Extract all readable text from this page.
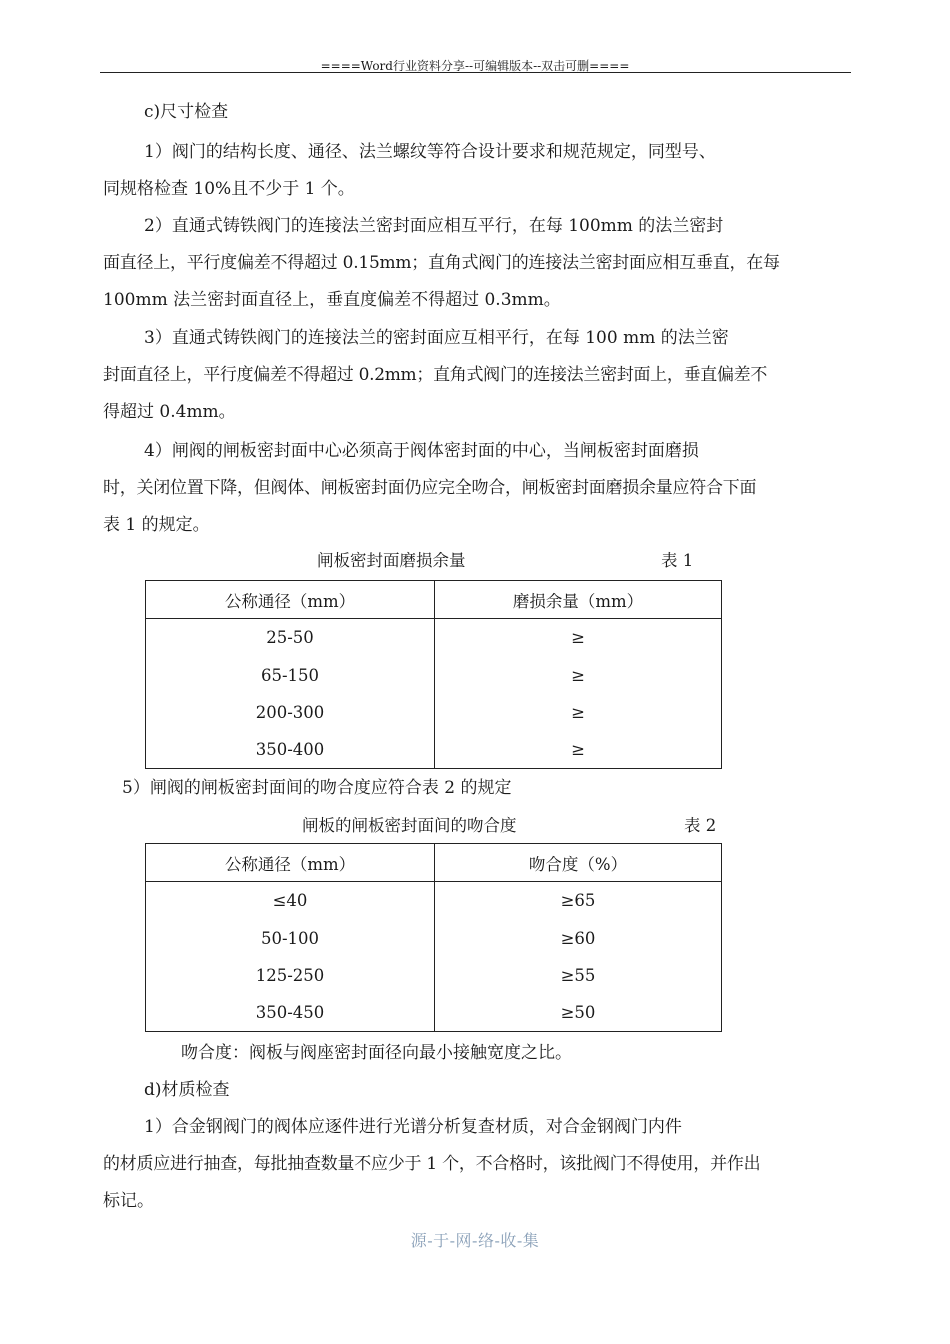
====Word行业资料分享--可编辑版本--双击可删====
c)尺寸检查
1）阀门的结构长度、通径、法兰螺纹等符合设计要求和规范规定，同型号、
同规格检查 10%且不少于 1 个。
2）直通式铸铁阀门的连接法兰密封面应相互平行，在每 100mm 的法兰密封
面直径上，平行度偏差不得超过 0.15mm；直角式阀门的连接法兰密封面应相互垂直，在每
100mm 法兰密封面直径上，垂直度偏差不得超过 0.3mm。
3）直通式铸铁阀门的连接法兰的密封面应互相平行，在每 100 mm 的法兰密
封面直径上，平行度偏差不得超过 0.2mm；直角式阀门的连接法兰密封面上，垂直偏差不
得超过 0.4mm。
4）闸阀的闸板密封面中心必须高于阀体密封面的中心，当闸板密封面磨损
时，关闭位置下降，但阀体、闸板密封面仍应完全吻合，闸板密封面磨损余量应符合下面
表 1 的规定。
闸板密封面磨损余量	表 1
公称通径（mm）	磨损余量（mm）
25-50	≥
65-150	≥
200-300	≥
350-400	≥
5）闸阀的闸板密封面间的吻合度应符合表 2 的规定
闸板的闸板密封面间的吻合度	表 2
公称通径（mm）	吻合度（%）
≤40	≥65
50-100	≥60
125-250	≥55
350-450	≥50
吻合度：阀板与阀座密封面径向最小接触宽度之比。
d)材质检查
1）合金钢阀门的阀体应逐件进行光谱分析复查材质，对合金钢阀门内件
的材质应进行抽查，每批抽查数量不应少于 1 个，不合格时，该批阀门不得使用，并作出
标记。
源-于-网-络-收-集
